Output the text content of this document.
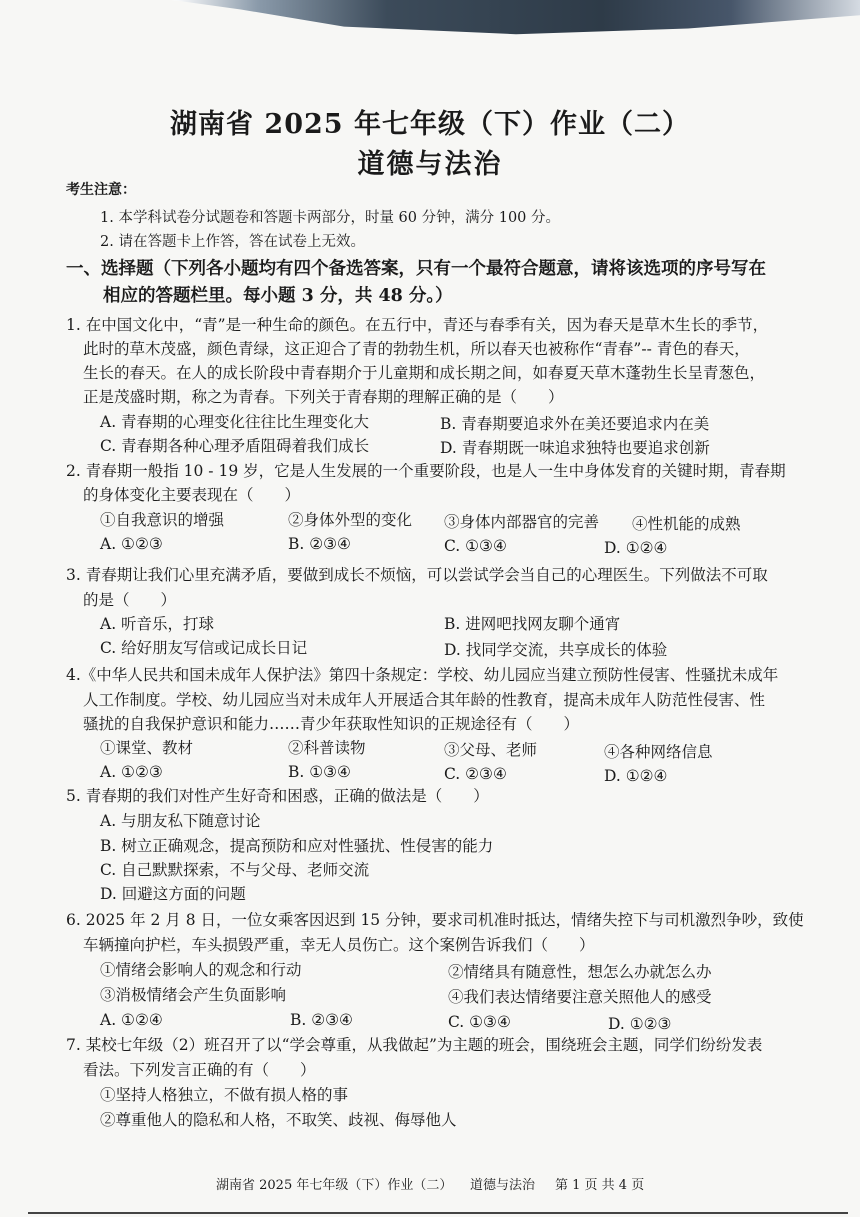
湖南省 2025 年七年级（下）作业（二）
道德与法治
考生注意：
1. 本学科试卷分试题卷和答题卡两部分，时量 60 分钟，满分 100 分。
2. 请在答题卡上作答，答在试卷上无效。
一、选择题（下列各小题均有四个备选答案，只有一个最符合题意，请将该选项的序号写在
相应的答题栏里。每小题 3 分，共 48 分。）
1. 在中国文化中，“青”是一种生命的颜色。在五行中，青还与春季有关，因为春天是草木生长的季节，
此时的草木茂盛，颜色青绿，这正迎合了青的勃勃生机，所以春天也被称作“青春”-- 青色的春天，
生长的春天。在人的成长阶段中青春期介于儿童期和成长期之间，如春夏天草木蓬勃生长呈青葱色，
正是茂盛时期，称之为青春。下列关于青春期的理解正确的是（　　）
A. 青春期的心理变化往往比生理变化大	B. 青春期要追求外在美还要追求内在美
C. 青春期各种心理矛盾阻碍着我们成长	D. 青春期既一味追求独特也要追求创新
2. 青春期一般指 10 - 19 岁，它是人生发展的一个重要阶段，也是人一生中身体发育的关键时期，青春期
的身体变化主要表现在（　　）
①自我意识的增强	②身体外型的变化 ③身体内部器官的完善 ④性机能的成熟
A. ①②③	B. ②③④	C. ①③④	D. ①②④
3. 青春期让我们心里充满矛盾，要做到成长不烦恼，可以尝试学会当自己的心理医生。下列做法不可取
的是（　　）
A. 听音乐，打球	B. 进网吧找网友聊个通宵
C. 给好朋友写信或记成长日记	D. 找同学交流，共享成长的体验
4.《中华人民共和国未成年人保护法》第四十条规定：学校、幼儿园应当建立预防性侵害、性骚扰未成年
人工作制度。学校、幼儿园应当对未成年人开展适合其年龄的性教育，提高未成年人防范性侵害、性
骚扰的自我保护意识和能力……青少年获取性知识的正规途径有（　　）
①课堂、教材	②科普读物	③父母、老师	④各种网络信息
A. ①②③	B. ①③④	C. ②③④	D. ①②④
5. 青春期的我们对性产生好奇和困惑，正确的做法是（　　）
A. 与朋友私下随意讨论
B. 树立正确观念，提高预防和应对性骚扰、性侵害的能力
C. 自己默默探索，不与父母、老师交流
D. 回避这方面的问题
6. 2025 年 2 月 8 日，一位女乘客因迟到 15 分钟，要求司机准时抵达，情绪失控下与司机激烈争吵，致使
车辆撞向护栏，车头损毁严重，幸无人员伤亡。这个案例告诉我们（　　）
①情绪会影响人的观念和行动	②情绪具有随意性，想怎么办就怎么办
③消极情绪会产生负面影响	④我们表达情绪要注意关照他人的感受
A. ①②④	B. ②③④	C. ①③④	D. ①②③
7. 某校七年级（2）班召开了以“学会尊重，从我做起”为主题的班会，围绕班会主题，同学们纷纷发表
看法。下列发言正确的有（　　）
①坚持人格独立，不做有损人格的事
②尊重他人的隐私和人格，不取笑、歧视、侮辱他人
湖南省 2025 年七年级（下）作业（二） 道德与法治 第 1 页 共 4 页
